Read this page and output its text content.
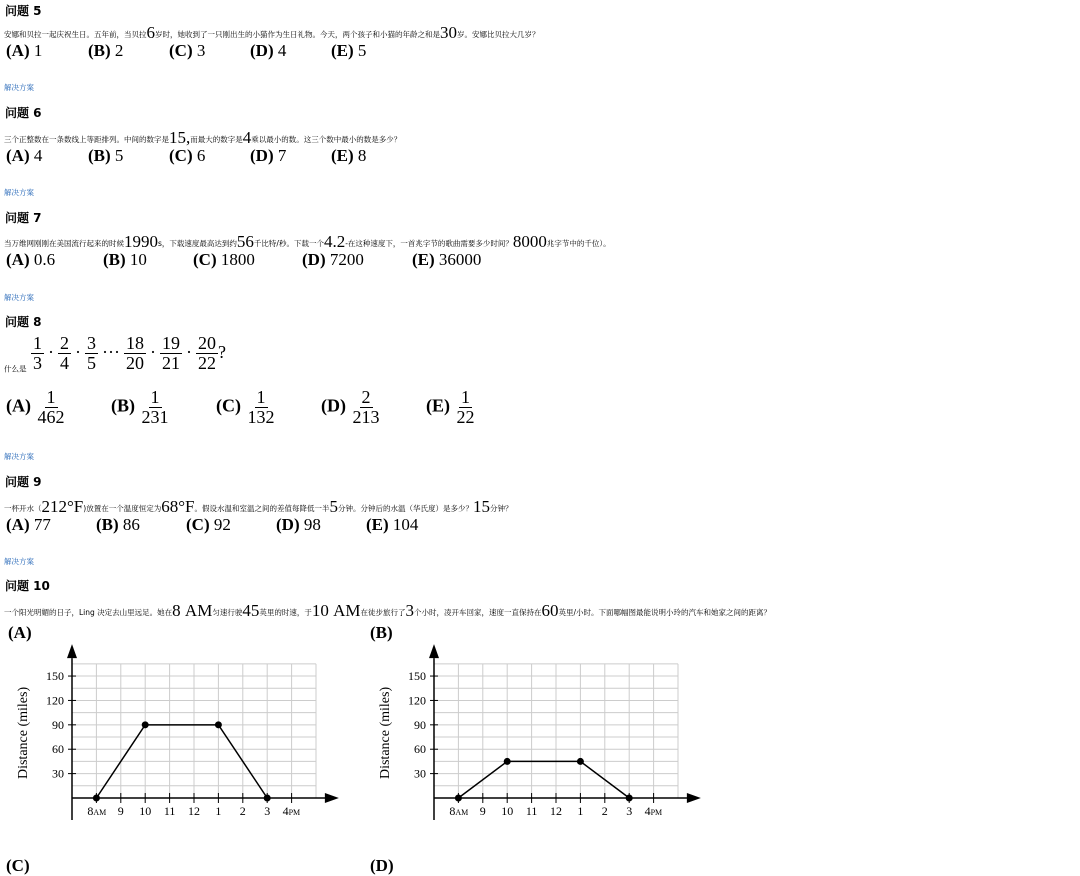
问题 5
安娜和贝拉一起庆祝生日。五年前，当贝拉6岁时，她收到了一只刚出生的小猫作为生日礼物。今天，两个孩子和小猫的年龄之和是30岁。安娜比贝拉大几岁？
(A) 1	(B) 2	(C) 3	(D) 4	(E) 5
解决方案
问题 6
三个正整数在一条数线上等距排列。中间的数字是15,而最大的数字是4乘以最小的数。这三个数中最小的数是多少？
(A) 4	(B) 5	(C) 6	(D) 7	(E) 8
解决方案
问题 7
当万维网刚刚在美国流行起来的时候1990s，下载速度最高达到约56千比特/秒。下载一个4.2-在这种速度下，一首兆字节的歌曲需要多少时间？8000兆字节中的千位）。
(A) 0.6	(B) 10	(C) 1800	(D) 7200	(E) 36000
解决方案
问题 8
$_{什么是} \frac{1}{3} \cdot \frac{2}{4} \cdot \frac{3}{5}$ ··· $\frac{18}{20} \cdot \frac{19}{21} \cdot \frac{20}{22}$ ?
$(A) \frac{1}{462} (B) \frac{1}{231}$	$(C) \frac{1}{132} (D) \frac{2}{213} (E) \frac{1}{22}$
解决方案
问题 9
一杯开水（212°F)放置在一个温度恒定为68°F。假设水温和室温之间的差值每降低一半5分钟。分钟后的水温（华氏度）是多少？15分钟？
(A) 77	(B) 86	(C) 92	(D) 98	(E) 104
解决方案
问题 10
一个阳光明媚的日子，Ling 决定去山里远足。她在8 AM匀速行驶45英里的时速，于10 AM在徒步旅行了3个小时，凌开车回家，速度一直保持在60英里/小时。下面哪幅图最能说明小玲的汽车和她家之间的距离？
(A)
30
60
90
120
150
8AM 9 10 11 12 1 2 3 4PM
Distance (miles)
(B)
30
60
90
120
150
8AM 9 10 11 12 1 2 3 4PM
Distance (miles)
(C)	(D)
